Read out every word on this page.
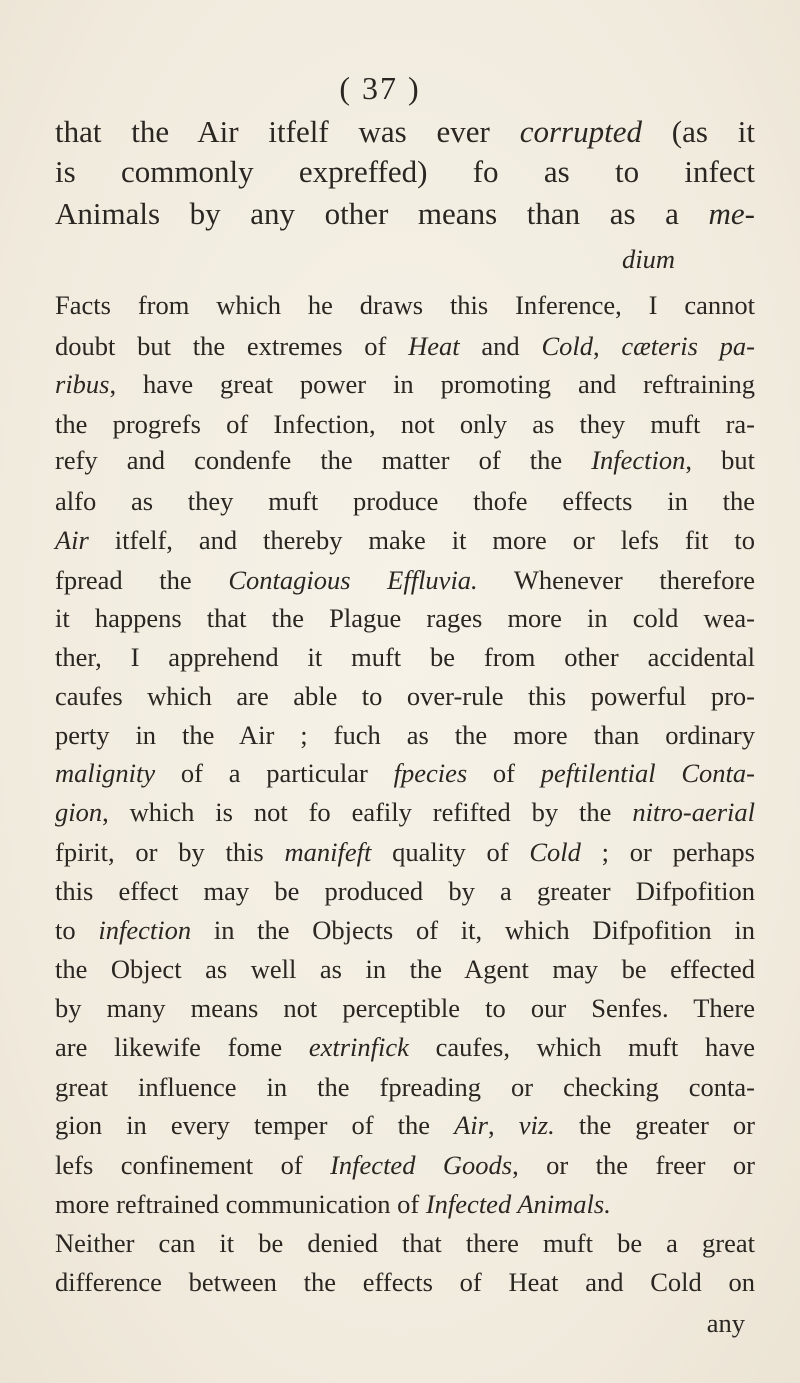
( 37 )
that the Air itfelf was ever corrupted (as it
is commonly expreffed) fo as to infect
Animals by any other means than as a me-
dium
Facts from which he draws this Inference, I cannot
doubt but the extremes of Heat and Cold, cæteris pa-
ribus, have great power in promoting and reftraining
the progrefs of Infection, not only as they muft ra-
refy and condenfe the matter of the Infection, but
alfo as they muft produce thofe effects in the
Air itfelf, and thereby make it more or lefs fit to
fpread the Contagious Effluvia. Whenever therefore
it happens that the Plague rages more in cold wea-
ther, I apprehend it muft be from other accidental
caufes which are able to over-rule this powerful pro-
perty in the Air ; fuch as the more than ordinary
malignity of a particular fpecies of peftilential Conta-
gion, which is not fo eafily refifted by the nitro-aerial
fpirit, or by this manifeft quality of Cold ; or perhaps
this effect may be produced by a greater Difpofition
to infection in the Objects of it, which Difpofition in
the Object as well as in the Agent may be effected
by many means not perceptible to our Senfes. There
are likewife fome extrinfick caufes, which muft have
great influence in the fpreading or checking conta-
gion in every temper of the Air, viz. the greater or
lefs confinement of Infected Goods, or the freer or
more reftrained communication of Infected Animals.
Neither can it be denied that there muft be a great
difference between the effects of Heat and Cold on
any
